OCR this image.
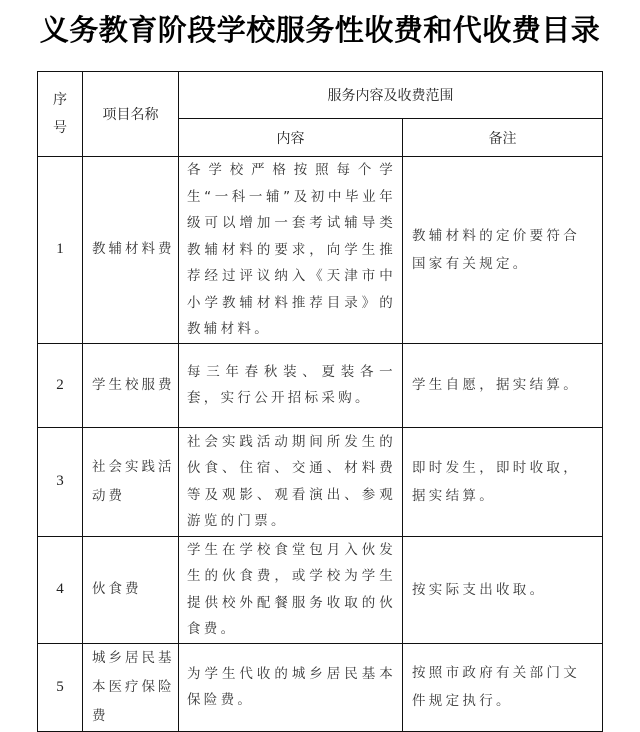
义务教育阶段学校服务性收费和代收费目录
序
号	项目名称	服务内容及收费范围	
		内容	备注
1	教辅材料费	各学校严格按照每个学生“一科一辅”及初中毕业年级可以增加一套考试辅导类教辅材料的要求，向学生推荐经过评议纳入《天津市中小学教辅材料推荐目录》的教辅材料。	教辅材料的定价要符合国家有关规定。
2	学生校服费	每三年春秋装、夏装各一套，实行公开招标采购。	学生自愿，据实结算。
3	社会实践活动费	社会实践活动期间所发生的伙食、住宿、交通、材料费等及观影、观看演出、参观游览的门票。	即时发生，即时收取，据实结算。
4	伙食费	学生在学校食堂包月入伙发生的伙食费，或学校为学生提供校外配餐服务收取的伙食费。	按实际支出收取。
5	城乡居民基本医疗保险费	为学生代收的城乡居民基本保险费。	按照市政府有关部门文件规定执行。
